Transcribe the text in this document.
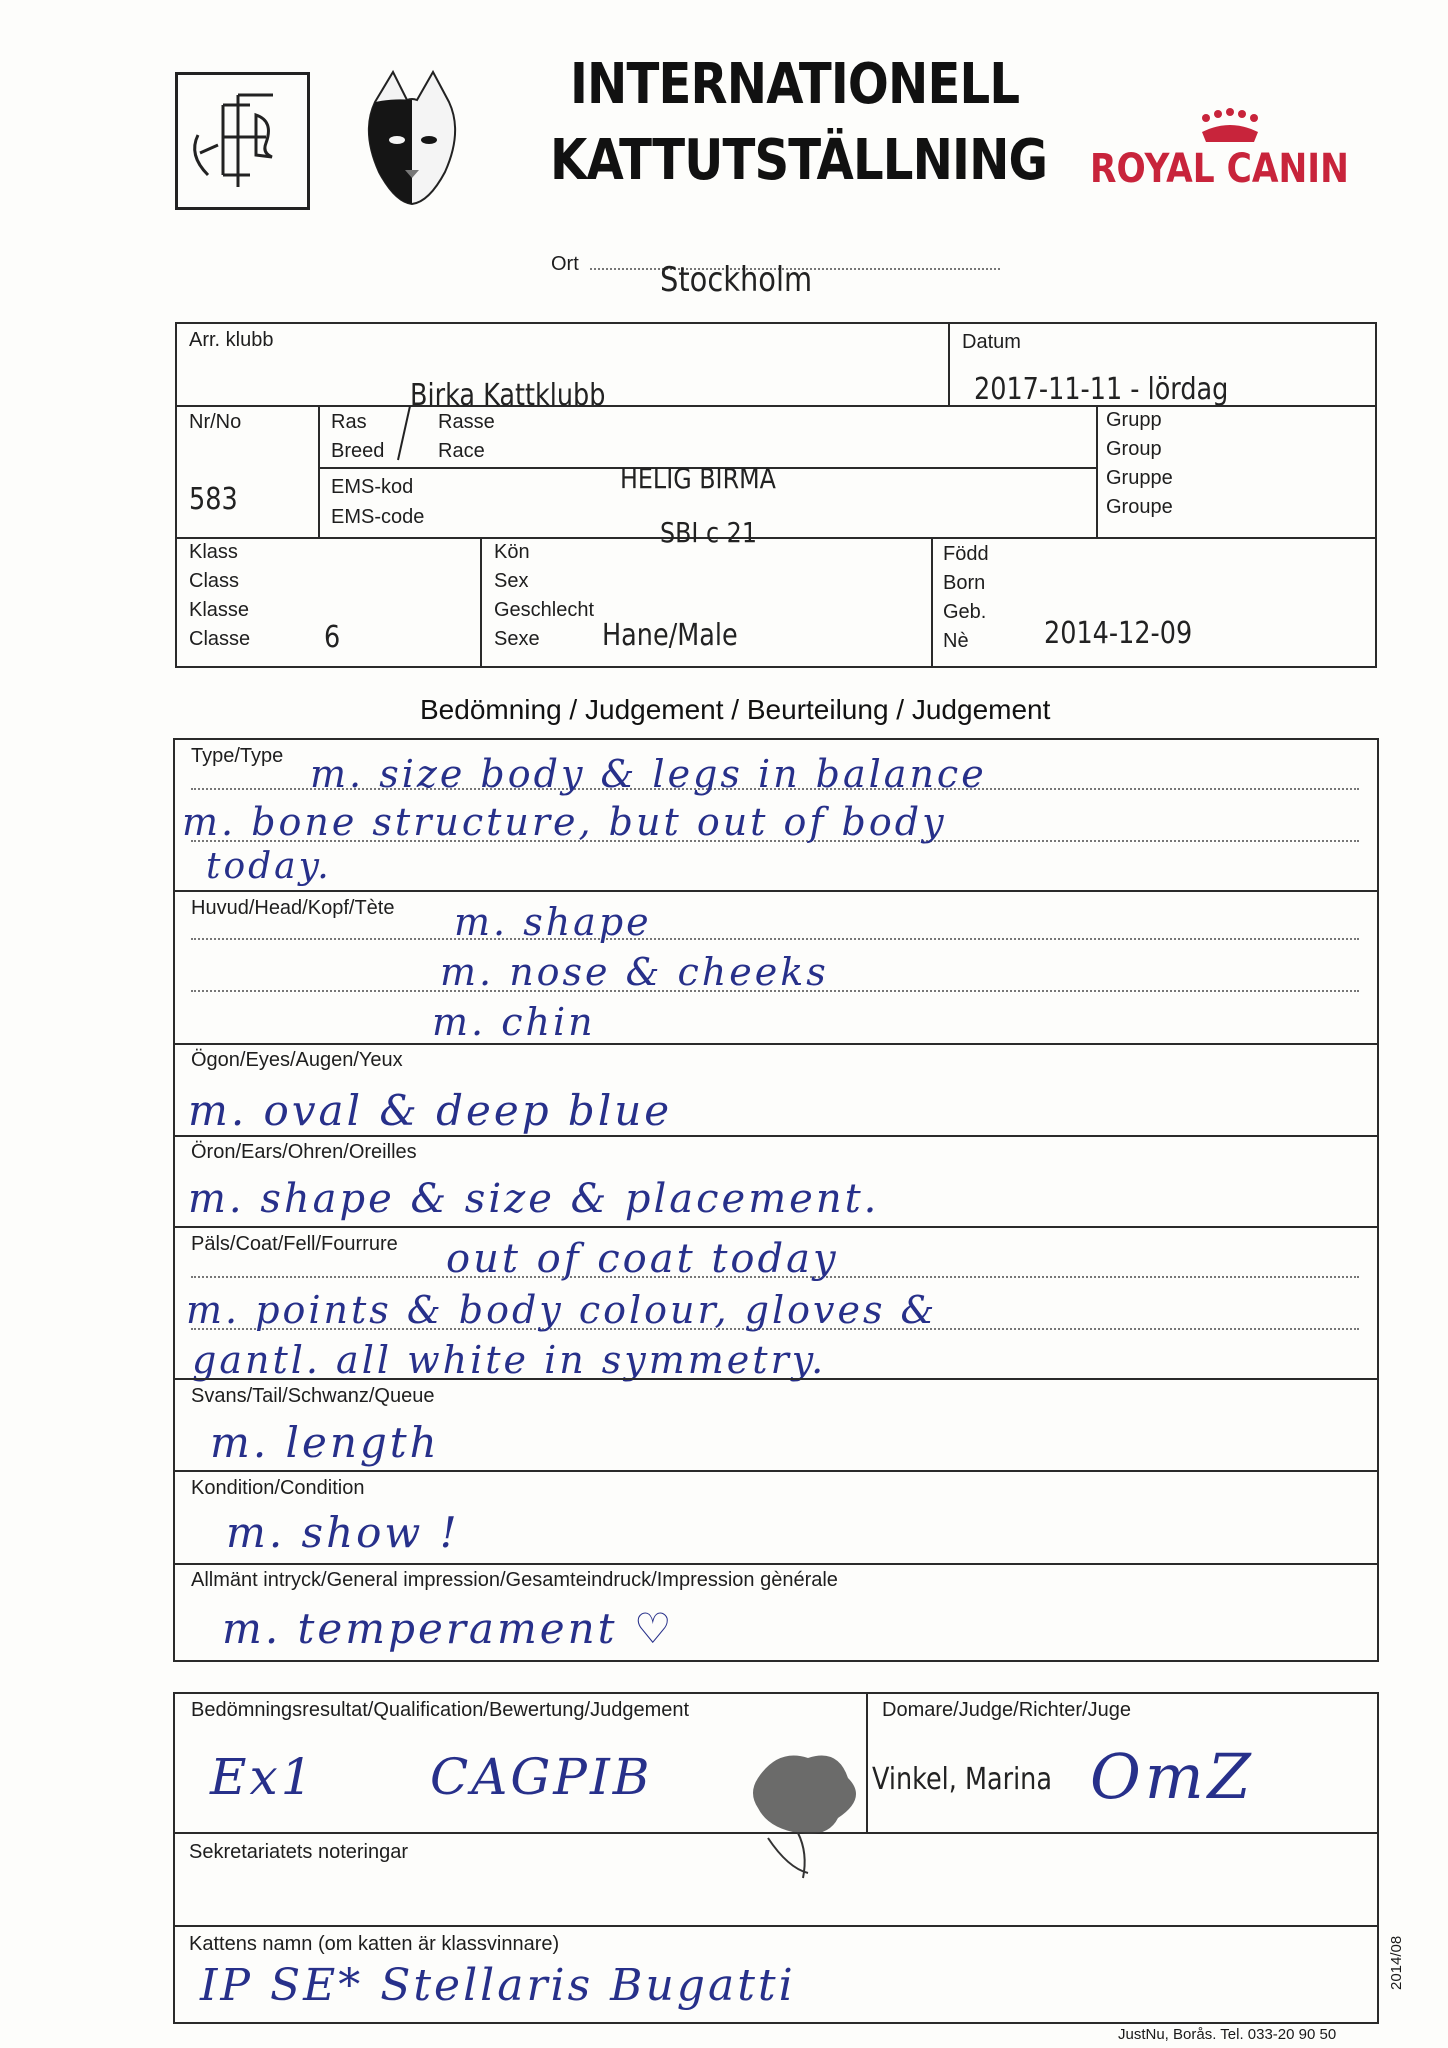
INTERNATIONELL
KATTUTSTÄLLNING ROYAL CANIN
Ort Stockholm
Arr. klubb
Birka Kattklubb
Datum
2017-11-11 - lördag
Nr/No
583
Ras	Rasse
Breed	Race
HELIG BIRMA
EMS-kod
EMS-code	SBI c 21
Grupp
Group
Gruppe
Groupe
Klass
Class
Klasse
Classe 6
Kön
Sex
Geschlecht
Sexe	Hane/Male
Född
Born
Geb.
Nè	2014-12-09
Bedömning / Judgement / Beurteilung / Judgement
Type/Type m. size body & legs in balance
m. bone structure, but out of body
today.
Huvud/Head/Kopf/Tète m. shape
m. nose & cheeks
m. chin
Ögon/Eyes/Augen/Yeux
m. oval & deep blue
Öron/Ears/Ohren/Oreilles
m. shape & size & placement.
Päls/Coat/Fell/Fourrure out of coat today
m. points & body colour, gloves &
gantl. all white in symmetry.
Svans/Tail/Schwanz/Queue
m. length
Kondition/Condition
m. show !
Allmänt intryck/General impression/Gesamteindruck/Impression gènérale
m. temperament ♡
Bedömningsresultat/Qualification/Bewertung/Judgement
Ex1 CAGPIB
Domare/Judge/Richter/Juge
Vinkel, Marina OmZ
Sekretariatets noteringar
Kattens namn (om katten är klassvinnare)
IP SE* Stellaris Bugatti	2014/08
JustNu, Borås. Tel. 033-20 90 50
